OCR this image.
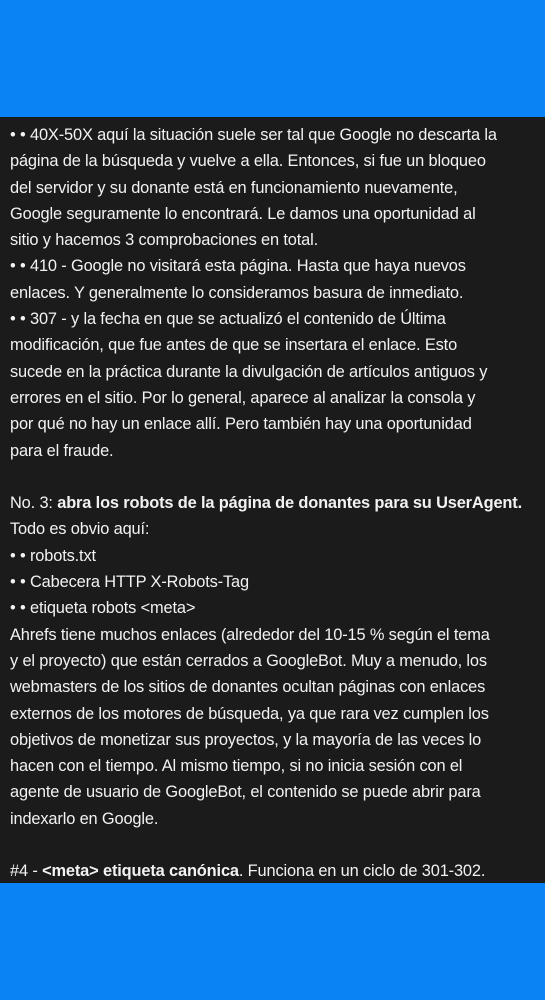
• • 40X-50X aquí la situación suele ser tal que Google no descarta la

página de la búsqueda y vuelve a ella. Entonces, si fue un bloqueo

del servidor y su donante está en funcionamiento nuevamente,

Google seguramente lo encontrará. Le damos una oportunidad al

sitio y hacemos 3 comprobaciones en total.

• • 410 - Google no visitará esta página. Hasta que haya nuevos

enlaces. Y generalmente lo consideramos basura de inmediato.

• • 307 - y la fecha en que se actualizó el contenido de Última

modificación, que fue antes de que se insertara el enlace. Esto

sucede en la práctica durante la divulgación de artículos antiguos y

errores en el sitio. Por lo general, aparece al analizar la consola y

por qué no hay un enlace allí. Pero también hay una oportunidad

para el fraude.

No. 3: abra los robots de la página de donantes para su UserAgent.

Todo es obvio aquí:

• • robots.txt

• • Cabecera HTTP X-Robots-Tag

• • etiqueta robots <meta>

Ahrefs tiene muchos enlaces (alrededor del 10-15 % según el tema

y el proyecto) que están cerrados a GoogleBot. Muy a menudo, los

webmasters de los sitios de donantes ocultan páginas con enlaces

externos de los motores de búsqueda, ya que rara vez cumplen los

objetivos de monetizar sus proyectos, y la mayoría de las veces lo

hacen con el tiempo. Al mismo tiempo, si no inicia sesión con el

agente de usuario de GoogleBot, el contenido se puede abrir para

indexarlo en Google.

#4 - <meta> etiqueta canónica. Funciona en un ciclo de 301-302.
